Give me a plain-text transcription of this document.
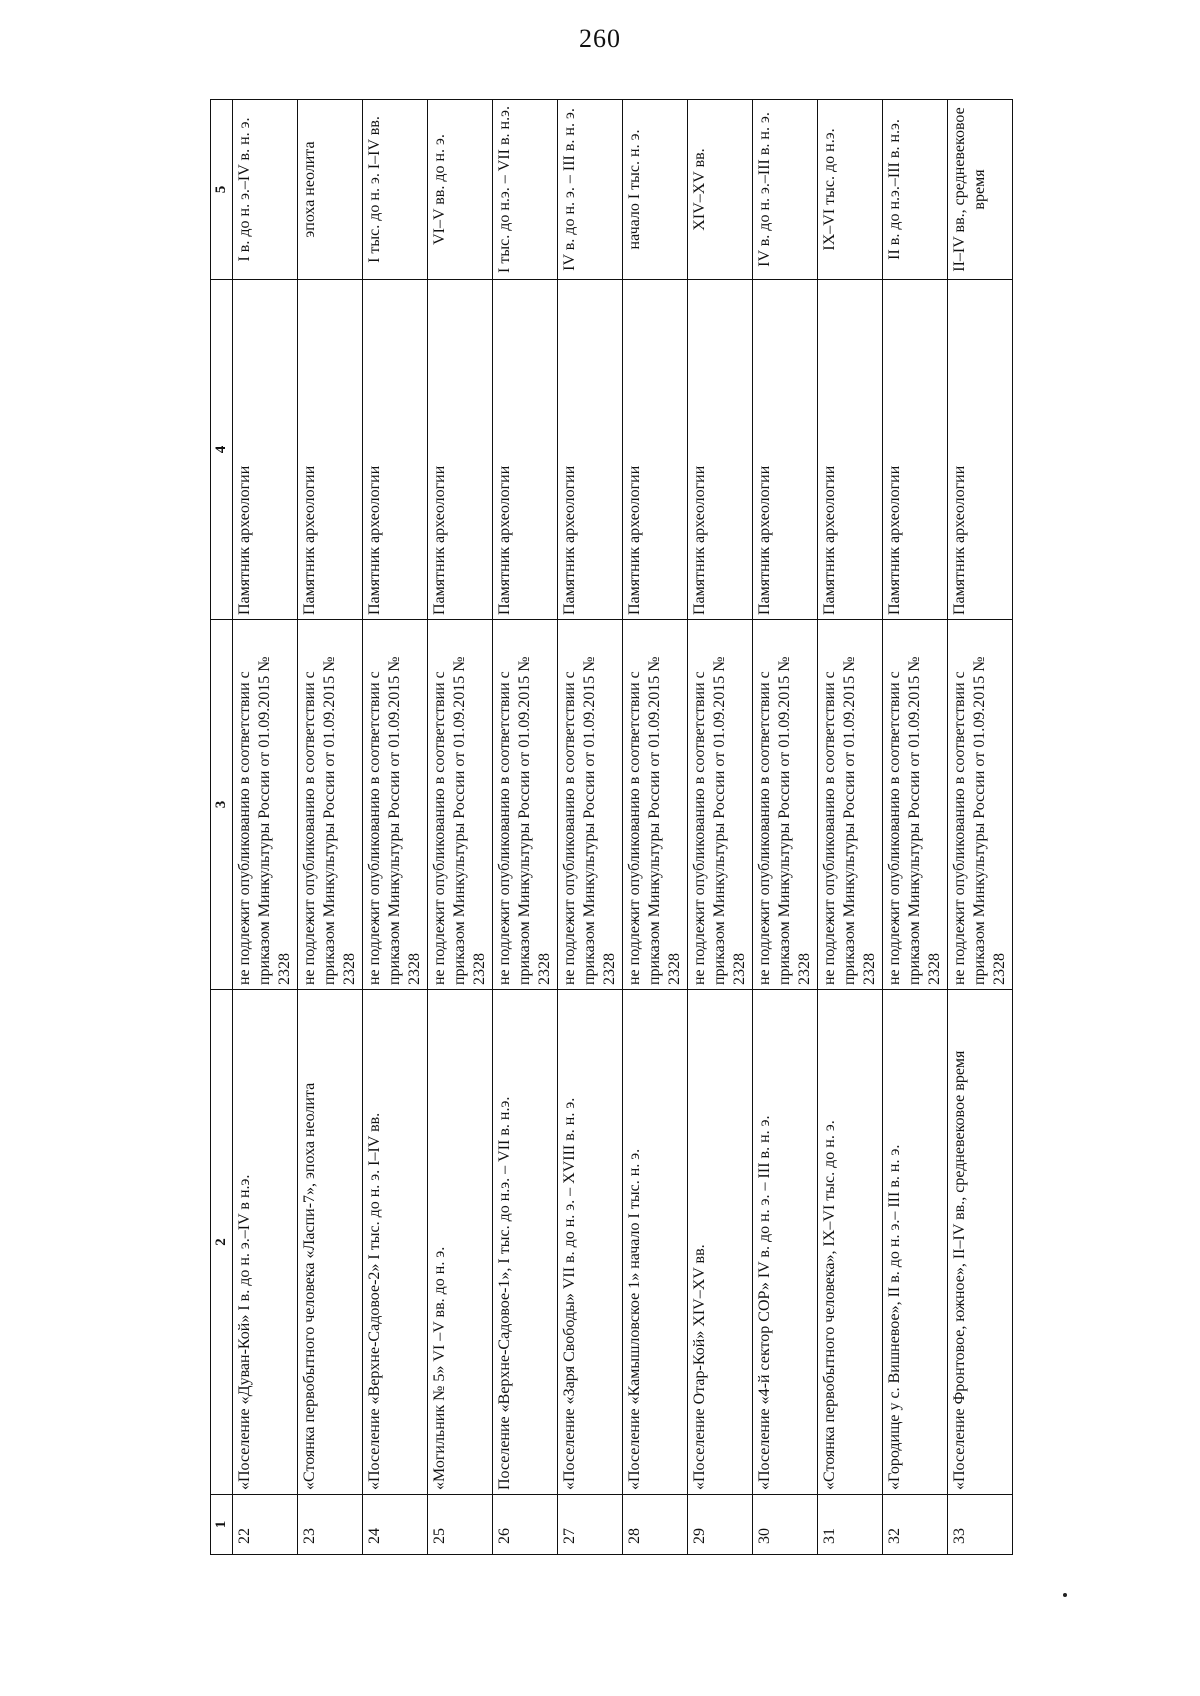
260
1	2	3	4	5
22	«Поселение «Дуван-Кой» I в. до н. э.–IV в н.э.	не подлежит опубликованию в соответствии с приказом Минкультуры России от 01.09.2015 № 2328	Памятник археологии	I в. до н. э.–IV в. н. э.
23	«Стоянка первобытного человека «Ласпи-7», эпоха неолита	не подлежит опубликованию в соответствии с приказом Минкультуры России от 01.09.2015 № 2328	Памятник археологии	эпоха неолита
24	«Поселение «Верхне-Садовое-2» I тыс. до н. э. I–IV вв.	не подлежит опубликованию в соответствии с приказом Минкультуры России от 01.09.2015 № 2328	Памятник археологии	I тыс. до н. э. I–IV вв.
25	«Могильник № 5» VI –V вв. до н. э.	не подлежит опубликованию в соответствии с приказом Минкультуры России от 01.09.2015 № 2328	Памятник археологии	VI–V вв. до н. э.
26	Поселение «Верхне-Садовое-1», I тыс. до н.э. – VII в. н.э.	не подлежит опубликованию в соответствии с приказом Минкультуры России от 01.09.2015 № 2328	Памятник археологии	I тыс. до н.э. – VII в. н.э.
27	«Поселение «Заря Свободы» VII в. до н. э. – XVIII в. н. э.	не подлежит опубликованию в соответствии с приказом Минкультуры России от 01.09.2015 № 2328	Памятник археологии	IV в. до н. э. – III в. н. э.
28	«Поселение «Камышловское 1» начало I тыс. н. э.	не подлежит опубликованию в соответствии с приказом Минкультуры России от 01.09.2015 № 2328	Памятник археологии	начало I тыс. н. э.
29	«Поселение Отар-Кой» XIV–XV вв.	не подлежит опубликованию в соответствии с приказом Минкультуры России от 01.09.2015 № 2328	Памятник археологии	XIV–XV вв.
30	«Поселение «4-й сектор СОР» IV в. до н. э. – III в. н. э.	не подлежит опубликованию в соответствии с приказом Минкультуры России от 01.09.2015 № 2328	Памятник археологии	IV в. до н. э.–III в. н. э.
31	«Стоянка первобытного человека», IX–VI тыс. до н. э.	не подлежит опубликованию в соответствии с приказом Минкультуры России от 01.09.2015 № 2328	Памятник археологии	IX–VI тыс. до н.э.
32	«Городище у с. Вишневое», II в. до н. э.– III в. н. э.	не подлежит опубликованию в соответствии с приказом Минкультуры России от 01.09.2015 № 2328	Памятник археологии	II в. до н.э.–III в. н.э.
33	«Поселение Фронтовое, южное», II–IV вв., средневековое время	не подлежит опубликованию в соответствии с приказом Минкультуры России от 01.09.2015 № 2328	Памятник археологии	II–IV вв., средневековое время
